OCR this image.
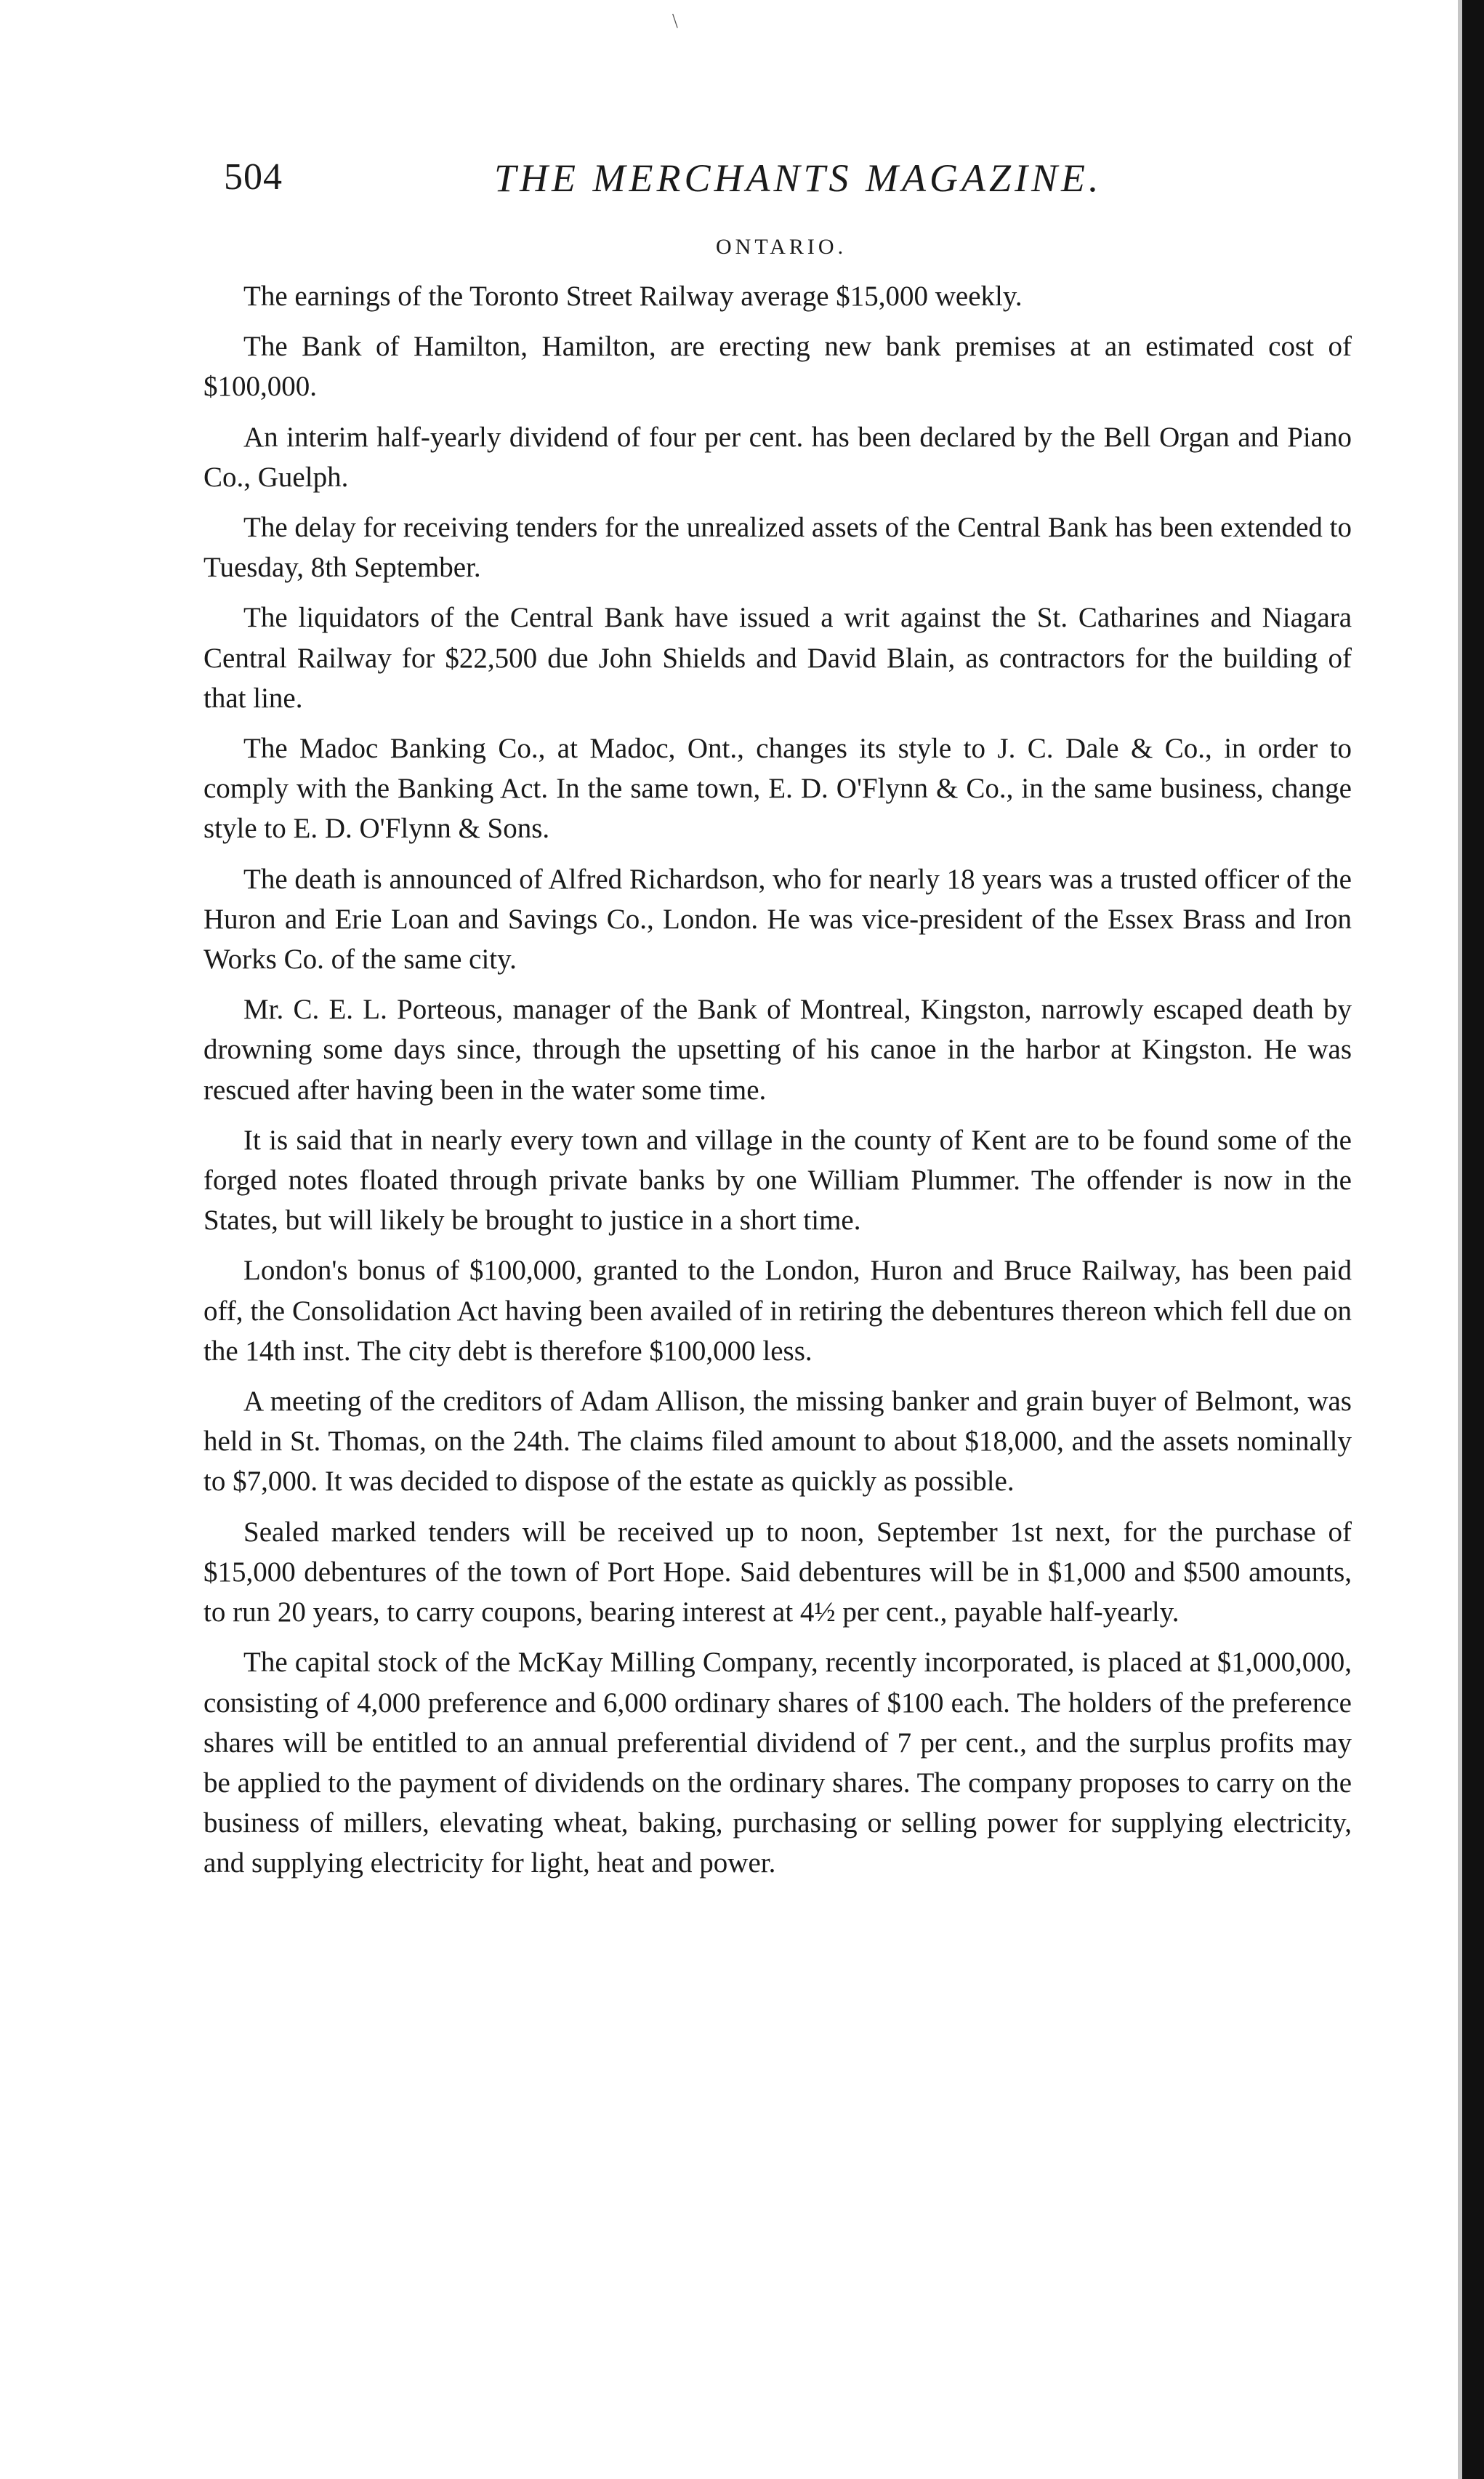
\
504	THE MERCHANTS MAGAZINE.
ONTARIO.

The earnings of the Toronto Street Railway average $15,000 weekly.

The Bank of Hamilton, Hamilton, are erecting new bank premises at an estimated cost of $100,000.

An interim half-yearly dividend of four per cent. has been declared by the Bell Organ and Piano Co., Guelph.

The delay for receiving tenders for the unrealized assets of the Central Bank has been extended to Tuesday, 8th September.

The liquidators of the Central Bank have issued a writ against the St. Catharines and Niagara Central Railway for $22,500 due John Shields and David Blain, as contractors for the building of that line.

The Madoc Banking Co., at Madoc, Ont., changes its style to J. C. Dale & Co., in order to comply with the Banking Act. In the same town, E. D. O'Flynn & Co., in the same business, change style to E. D. O'Flynn & Sons.

The death is announced of Alfred Richardson, who for nearly 18 years was a trusted officer of the Huron and Erie Loan and Savings Co., London. He was vice-president of the Essex Brass and Iron Works Co. of the same city.

Mr. C. E. L. Porteous, manager of the Bank of Montreal, Kingston, narrowly escaped death by drowning some days since, through the upsetting of his canoe in the harbor at Kingston. He was rescued after having been in the water some time.

It is said that in nearly every town and village in the county of Kent are to be found some of the forged notes floated through private banks by one William Plummer. The offender is now in the States, but will likely be brought to justice in a short time.

London's bonus of $100,000, granted to the London, Huron and Bruce Railway, has been paid off, the Consolidation Act having been availed of in retiring the debentures thereon which fell due on the 14th inst. The city debt is therefore $100,000 less.

A meeting of the creditors of Adam Allison, the missing banker and grain buyer of Belmont, was held in St. Thomas, on the 24th. The claims filed amount to about $18,000, and the assets nominally to $7,000. It was decided to dispose of the estate as quickly as possible.

Sealed marked tenders will be received up to noon, September 1st next, for the purchase of $15,000 debentures of the town of Port Hope. Said debentures will be in $1,000 and $500 amounts, to run 20 years, to carry coupons, bearing interest at 4½ per cent., payable half-yearly.

The capital stock of the McKay Milling Company, recently incorporated, is placed at $1,000,000, consisting of 4,000 preference and 6,000 ordinary shares of $100 each. The holders of the preference shares will be entitled to an annual preferential dividend of 7 per cent., and the surplus profits may be applied to the payment of dividends on the ordinary shares. The company proposes to carry on the business of millers, elevating wheat, baking, purchasing or selling power for supplying electricity, and supplying electricity for light, heat and power.
